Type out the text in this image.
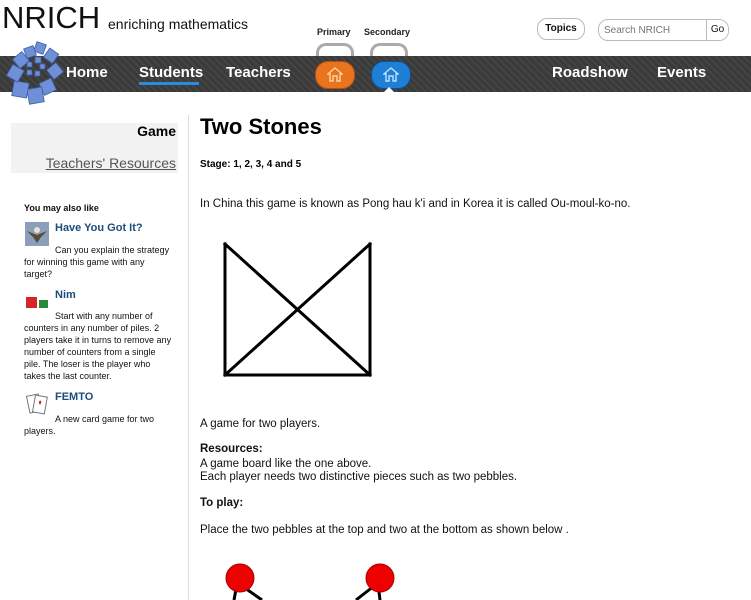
NRICH enriching mathematics	Primary Secondary	Topics
Search NRICH	Go
Home Students Teachers	Roadshow Events
Game
Teachers' Resources
You may also like
Have You Got It?
Can you explain the strategy for winning this game with any target?
Nim
Start with any number of counters in any number of piles. 2 players take it in turns to remove any number of counters from a single pile. The loser is the player who takes the last counter.
FEMTO
A new card game for two players.
Two Stones
Stage: 1, 2, 3, 4 and 5
In China this game is known as Pong hau k'i and in Korea it is called Ou-moul-ko-no.
A game for two players.
Resources:
A game board like the one above.
Each player needs two distinctive pieces such as two pebbles.
To play:
Place the two pebbles at the top and two at the bottom as shown below .
